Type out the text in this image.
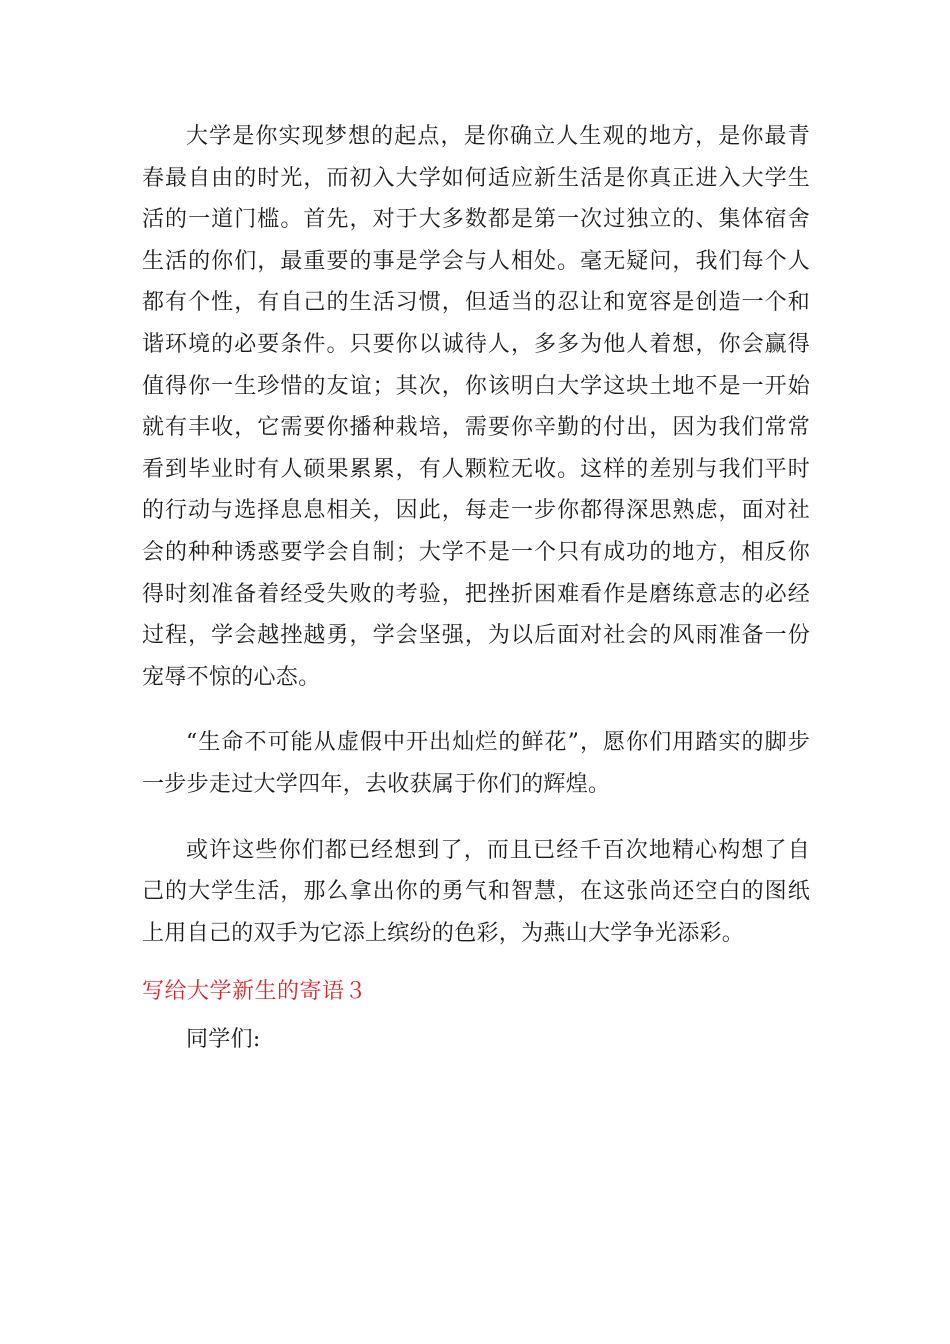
大学是你实现梦想的起点，是你确立人生观的地方，是你最青春最自由的时光，而初入大学如何适应新生活是你真正进入大学生活的一道门槛。首先，对于大多数都是第一次过独立的、集体宿舍生活的你们，最重要的事是学会与人相处。毫无疑问，我们每个人都有个性，有自己的生活习惯，但适当的忍让和宽容是创造一个和谐环境的必要条件。只要你以诚待人，多多为他人着想，你会赢得值得你一生珍惜的友谊；其次，你该明白大学这块土地不是一开始就有丰收，它需要你播种栽培，需要你辛勤的付出，因为我们常常看到毕业时有人硕果累累，有人颗粒无收。这样的差别与我们平时的行动与选择息息相关，因此，每走一步你都得深思熟虑，面对社会的种种诱惑要学会自制；大学不是一个只有成功的地方，相反你得时刻准备着经受失败的考验，把挫折困难看作是磨练意志的必经过程，学会越挫越勇，学会坚强，为以后面对社会的风雨准备一份宠辱不惊的心态。

“生命不可能从虚假中开出灿烂的鲜花”，愿你们用踏实的脚步一步步走过大学四年，去收获属于你们的辉煌。

或许这些你们都已经想到了，而且已经千百次地精心构想了自己的大学生活，那么拿出你的勇气和智慧，在这张尚还空白的图纸上用自己的双手为它添上缤纷的色彩，为燕山大学争光添彩。

写给大学新生的寄语３

同学们:
